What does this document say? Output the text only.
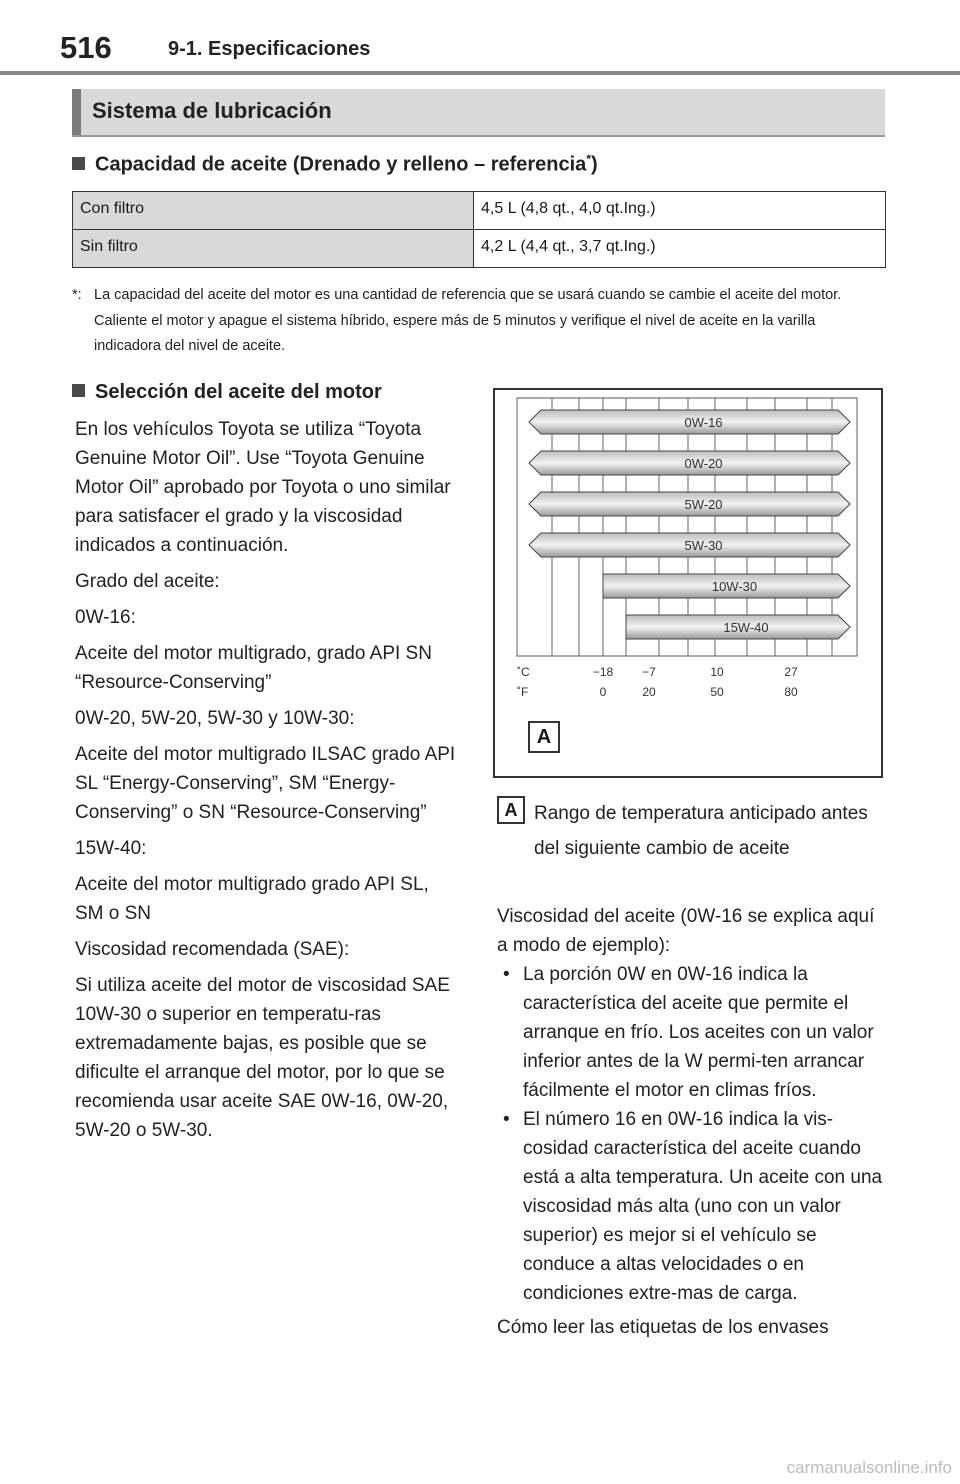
516	9-1. Especificaciones
Sistema de lubricación
Capacidad de aceite (Drenado y relleno – referencia*)
Con filtro	4,5 L (4,8 qt., 4,0 qt.Ing.)
Sin filtro	4,2 L (4,4 qt., 3,7 qt.Ing.)
*: La capacidad del aceite del motor es una cantidad de referencia que se usará cuando se cambie el aceite del motor. Caliente el motor y apague el sistema híbrido, espere más de 5 minutos y verifique el nivel de aceite en la varilla indicadora del nivel de aceite.
Selección del aceite del motor

En los vehículos Toyota se utiliza “Toyota Genuine Motor Oil”. Use “Toyota Genuine Motor Oil” aprobado por Toyota o uno similar para satisfacer el grado y la viscosidad indicados a continuación.

Grado del aceite:

0W-16:

Aceite del motor multigrado, grado API SN “Resource-Conserving”

0W-20, 5W-20, 5W-30 y 10W-30:

Aceite del motor multigrado ILSAC grado API SL “Energy-Conserving”, SM “Energy-Conserving” o SN “Resource-Conserving”

15W-40:

Aceite del motor multigrado grado API SL, SM o SN

Viscosidad recomendada (SAE):

Si utiliza aceite del motor de viscosidad SAE 10W-30 o superior en temperatu-ras extremadamente bajas, es posible que se dificulte el arranque del motor, por lo que se recomienda usar aceite SAE 0W-16, 0W-20, 5W-20 o 5W-30.

0W-16
0W-20
5W-20
5W-30
10W-30
15W-40
˚C
˚F
−18 −7	10	27
0	20	50	80
A
A Rango de temperatura anticipado antes del siguiente cambio de aceite

Viscosidad del aceite (0W-16 se explica aquí a modo de ejemplo):

• La porción 0W en 0W-16 indica la característica del aceite que permite el arranque en frío. Los aceites con un valor inferior antes de la W permi-ten arrancar fácilmente el motor en climas fríos.
• El número 16 en 0W-16 indica la vis-cosidad característica del aceite cuando está a alta temperatura. Un aceite con una viscosidad más alta (uno con un valor superior) es mejor si el vehículo se conduce a altas velocidades o en condiciones extre-mas de carga.

Cómo leer las etiquetas de los envases

carmanualsonline.info
